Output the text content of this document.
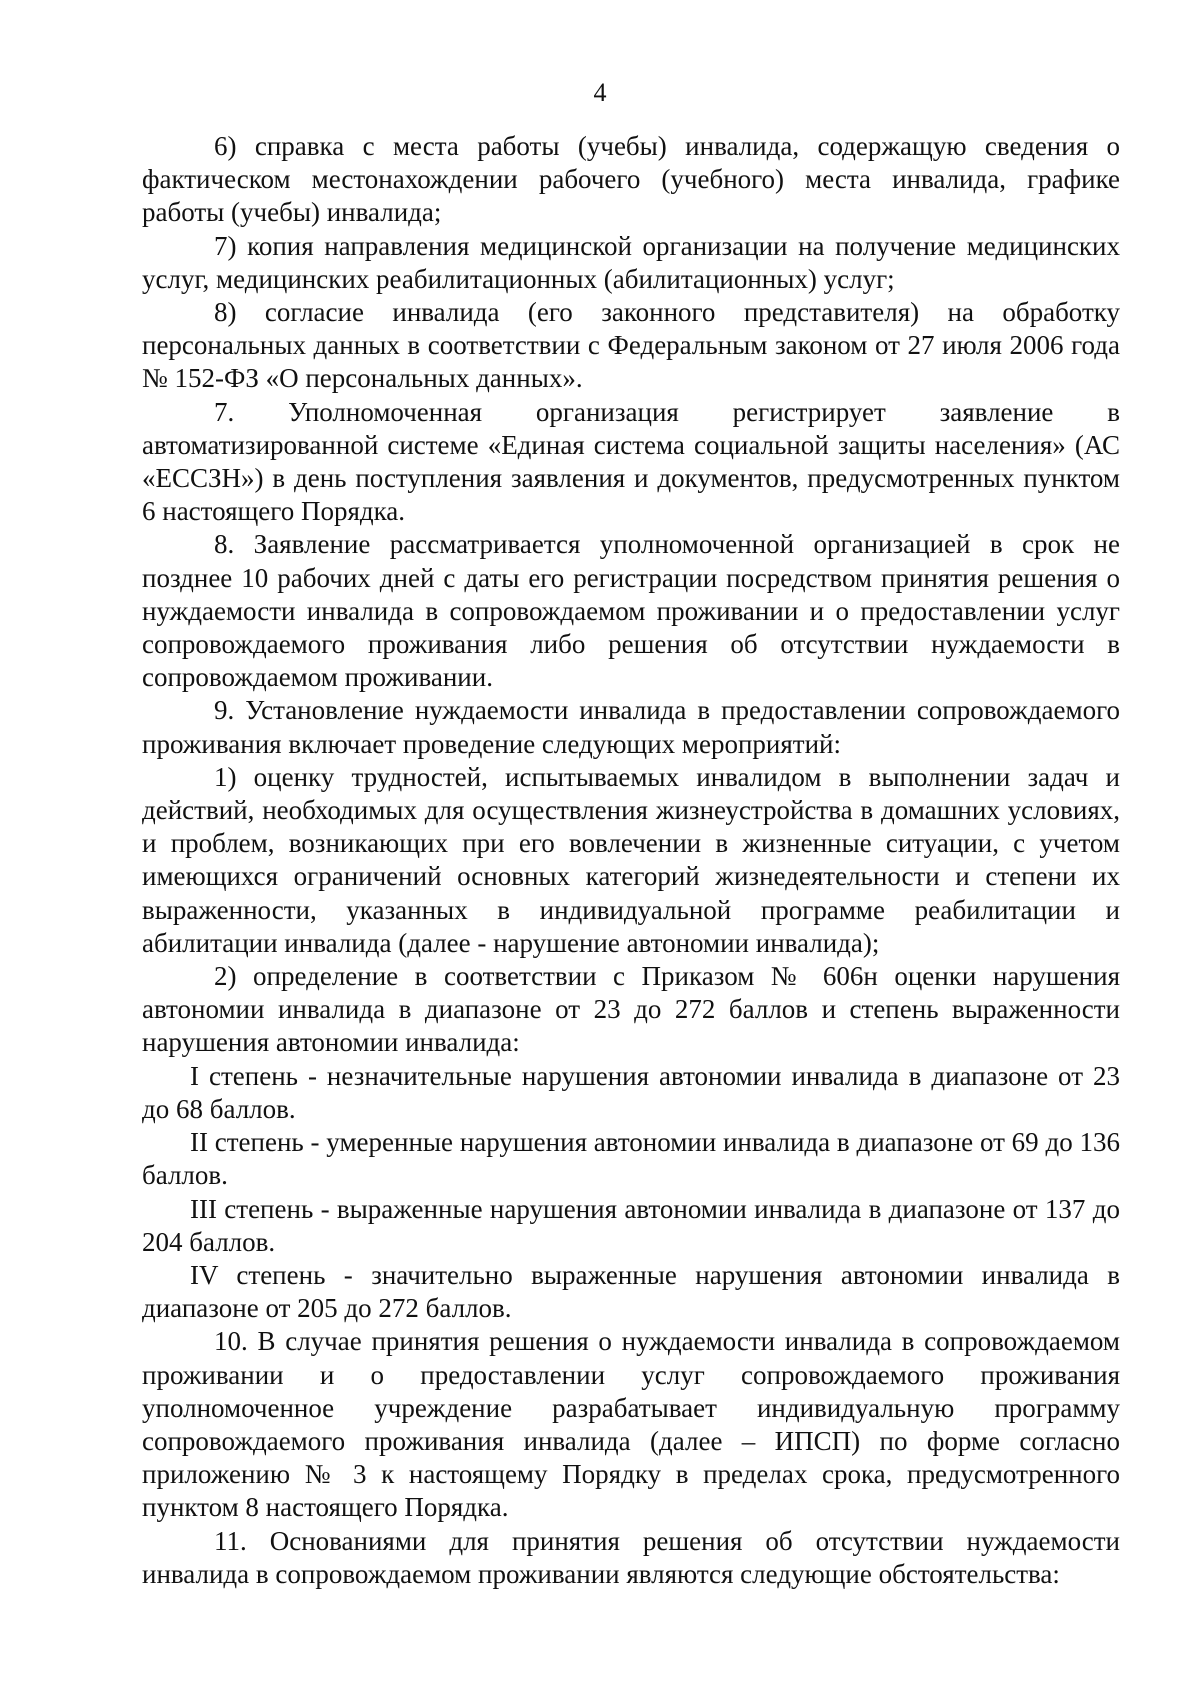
4

6) справка с места работы (учебы) инвалида, содержащую сведения о фактическом местонахождении рабочего (учебного) места инвалида, графике работы (учебы) инвалида;

7) копия направления медицинской организации на получение медицинских услуг, медицинских реабилитационных (абилитационных) услуг;

8) согласие инвалида (его законного представителя) на обработку персональных данных в соответствии с Федеральным законом от 27 июля 2006 года № 152-ФЗ «О персональных данных».

7. Уполномоченная организация регистрирует заявление в автоматизированной системе «Единая система социальной защиты населения» (АС «ЕССЗН») в день поступления заявления и документов, предусмотренных пунктом 6 настоящего Порядка.

8. Заявление рассматривается уполномоченной организацией в срок не позднее 10 рабочих дней с даты его регистрации посредством принятия решения о нуждаемости инвалида в сопровождаемом проживании и о предоставлении услуг сопровождаемого проживания либо решения об отсутствии нуждаемости в сопровождаемом проживании.

9. Установление нуждаемости инвалида в предоставлении сопровождаемого проживания включает проведение следующих мероприятий:

1) оценку трудностей, испытываемых инвалидом в выполнении задач и действий, необходимых для осуществления жизнеустройства в домашних условиях, и проблем, возникающих при его вовлечении в жизненные ситуации, с учетом имеющихся ограничений основных категорий жизнедеятельности и степени их выраженности, указанных в индивидуальной программе реабилитации и абилитации инвалида (далее - нарушение автономии инвалида);

2) определение в соответствии с Приказом № 606н оценки нарушения автономии инвалида в диапазоне от 23 до 272 баллов и степень выраженности нарушения автономии инвалида:

I степень - незначительные нарушения автономии инвалида в диапазоне от 23 до 68 баллов.

II степень - умеренные нарушения автономии инвалида в диапазоне от 69 до 136 баллов.

III степень - выраженные нарушения автономии инвалида в диапазоне от 137 до 204 баллов.

IV степень - значительно выраженные нарушения автономии инвалида в диапазоне от 205 до 272 баллов.

10. В случае принятия решения о нуждаемости инвалида в сопровождаемом проживании и о предоставлении услуг сопровождаемого проживания уполномоченное учреждение разрабатывает индивидуальную программу сопровождаемого проживания инвалида (далее – ИПСП) по форме согласно приложению № 3 к настоящему Порядку в пределах срока, предусмотренного пунктом 8 настоящего Порядка.

11. Основаниями для принятия решения об отсутствии нуждаемости инвалида в сопровождаемом проживании являются следующие обстоятельства:
